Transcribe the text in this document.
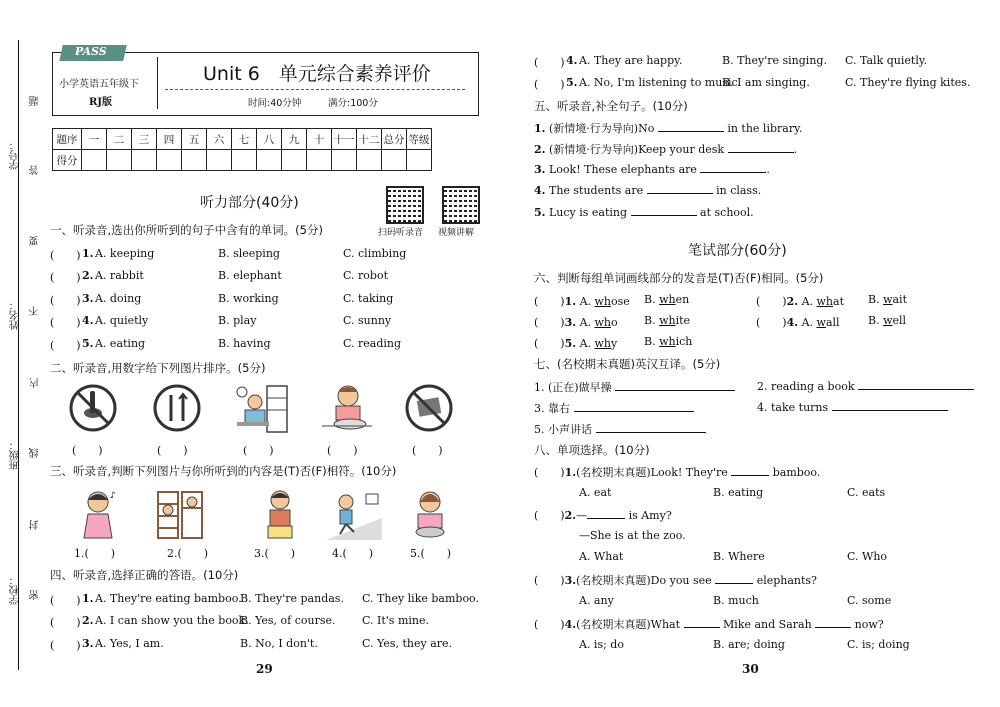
题
答
要
不
内
线
封
密
学号：
姓名：
班级：
学校：
PASS
小学英语五年级下
RJ版
Unit 6　单元综合素养评价
时间:40分钟	满分:100分
题序	一	二	三	四	五	六	七	八	九	十	十一	十二	总分	等级
得分														
听力部分(40分)
扫码听录音 视频讲解
一、听录音,选出你所听到的句子中含有的单词。(5分)
(　　) 1. A. keeping	B. sleeping	C. climbing
(　　) 2. A. rabbit	B. elephant	C. robot
(　　) 3. A. doing	B. working	C. taking
(　　) 4. A. quietly	B. play	C. sunny
(　　) 5. A. eating	B. having	C. reading
二、听录音,用数字给下列图片排序。(5分)
(　　)	(　　)	(　　)	(　　)	(　　)
三、听录音,判断下列图片与你所听到的内容是(T)否(F)相符。(10分)
♪
1.(　　)	2.(　　)	3.(　　)	4.(　　)	5.(　　)
四、听录音,选择正确的答语。(10分)
(　　) 1. A. They're eating bamboo.
B. They're pandas. C. They like bamboo.
(　　) 2. A. I can show you the book.
B. Yes, of course. C. It's mine.
(　　) 3. A. Yes, I am.	B. No, I don't.	C. Yes, they are.
29
(　　) 4. A. They are happy.	B. They're singing. C. Talk quietly.
(　　) 5. A. No, I'm listening to music.
B. I am singing.	C. They're flying kites.
五、听录音,补全句子。(10分)
1. (新情境·行为导向)No	in the library.
2. (新情境·行为导向)Keep your desk	.
3. Look! These elephants are	.
4. The students are	in class.
5. Lucy is eating	at school.
笔试部分(60分)
六、判断每组单词画线部分的发音是(T)否(F)相同。(5分)
(　　)1. A. whose B. when	(　　)2. A. what B. wait
(　　)3. A. who B. white	(　　)4. A. wall	B. well
(　　)5. A. why B. which
七、(名校期末真题)英汉互译。(5分)
1. (正在)做早操	2. reading a book
3. 靠右	4. take turns
5. 小声讲话
八、单项选择。(10分)
(　　)1.(名校期末真题)Look! They're	bamboo.
A. eat	B. eating	C. eats
(　　)2.—	is Amy?
—She is at the zoo.
A. What	B. Where	C. Who
(　　)3.(名校期末真题)Do you see	elephants?
A. any	B. much	C. some
(　　)4.(名校期末真题)What	Mike and Sarah	now?
A. is; do	B. are; doing	C. is; doing
30
